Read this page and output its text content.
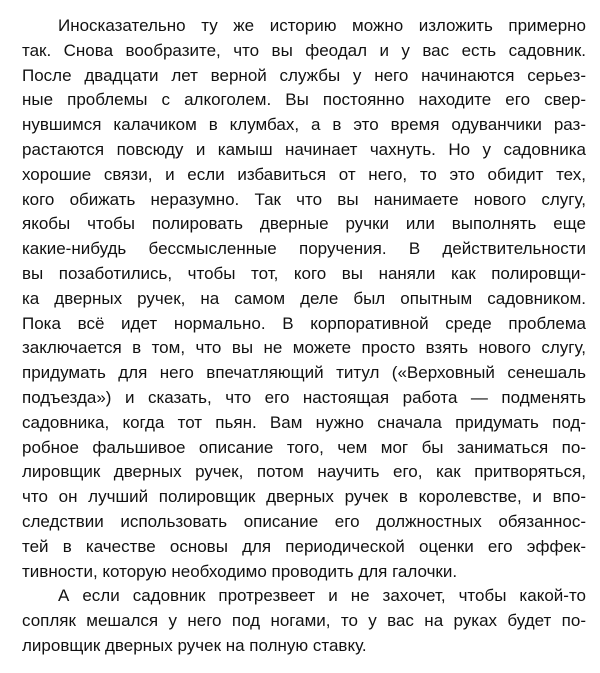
Иносказательно ту же историю можно изложить примерно
так. Снова вообразите, что вы феодал и у вас есть садовник.
После двадцати лет верной службы у него начинаются серьез-
ные проблемы с алкоголем. Вы постоянно находите его свер-
нувшимся калачиком в клумбах, а в это время одуванчики раз-
растаются повсюду и камыш начинает чахнуть. Но у садовника
хорошие связи, и если избавиться от него, то это обидит тех,
кого обижать неразумно. Так что вы нанимаете нового слугу,
якобы чтобы полировать дверные ручки или выполнять еще
какие-нибудь бессмысленные поручения. В действительности
вы позаботились, чтобы тот, кого вы наняли как полировщи-
ка дверных ручек, на самом деле был опытным садовником.
Пока всё идет нормально. В корпоративной среде проблема
заключается в том, что вы не можете просто взять нового слугу,
придумать для него впечатляющий титул («Верховный сенешаль
подъезда») и сказать, что его настоящая работа — подменять
садовника, когда тот пьян. Вам нужно сначала придумать под-
робное фальшивое описание того, чем мог бы заниматься по-
лировщик дверных ручек, потом научить его, как притворяться,
что он лучший полировщик дверных ручек в королевстве, и впо-
следствии использовать описание его должностных обязаннос-
тей в качестве основы для периодической оценки его эффек-
тивности, которую необходимо проводить для галочки.
А если садовник протрезвеет и не захочет, чтобы какой-то
сопляк мешался у него под ногами, то у вас на руках будет по-
лировщик дверных ручек на полную ставку.
